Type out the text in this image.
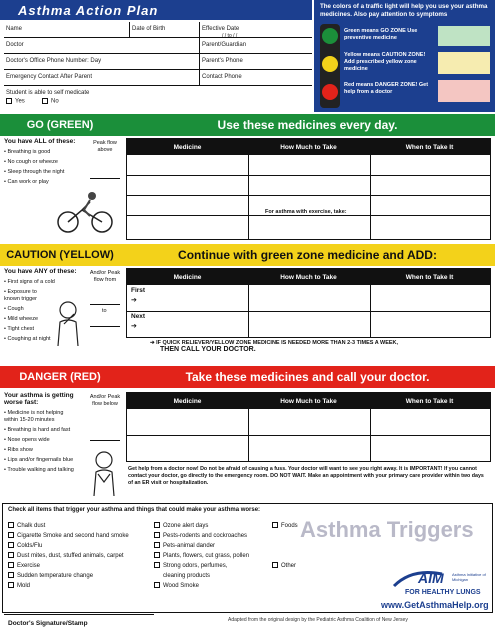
Asthma Action Plan
Name	Date of Birth	Effective Date
/ / to / /
Doctor	Parent/Guardian
Doctor's Office Phone Number: Day	Parent's Phone
Emergency Contact After Parent	Contact Phone
Student is able to self medicate
Yes	No
The colors of a traffic light will help you use your asthma medicines. Also pay attention to symptoms
Green means GO ZONE Use preventive medicine
Yellow means CAUTION ZONE! Add prescribed yellow zone medicine
Red means DANGER ZONE! Get help from a doctor
GO (GREEN)	Use these medicines every day.
You have ALL of these:
• Breathing is good
• No cough or wheeze
• Sleep through the night
• Can work or play
Peak flow above	Medicine	How Much to Take	When to Take It
For asthma with exercise, take:
CAUTION (YELLOW)	Continue with green zone medicine and ADD:
You have ANY of these:
• First signs of a cold
• Exposure to known trigger
• Cough
• Mild wheeze
• Tight chest
• Coughing at night
And/or Peak flow from
to
Medicine	How Much to Take	When to Take It
First
➔
Next
➔
➔ IF QUICK RELIEVER/YELLOW ZONE MEDICINE IS NEEDED MORE THAN 2-3 TIMES A WEEK,
THEN CALL YOUR DOCTOR.
DANGER (RED)	Take these medicines and call your doctor.
Your asthma is getting worse fast:
• Medicine is not helping within 15-20 minutes
• Breathing is hard and fast
• Nose opens wide
• Ribs show
• Lips and/or fingernails blue
• Trouble walking and talking
And/or Peak flow below	Medicine	How Much to Take	When to Take It
Get help from a doctor now! Do not be afraid of causing a fuss. Your doctor will want to see you right away. It is IMPORTANT! If you cannot contact your doctor, go directly to the emergency room. DO NOT WAIT. Make an appointment with your primary care provider within two days of an ER visit or hospitalization.
Check all items that trigger your asthma and things that could make your asthma worse:
Asthma Triggers
Chalk dust
Cigarette Smoke and second hand smoke
Colds/Flu
Dust mites, dust, stuffed animals, carpet
Exercise
Sudden temperature change
Mold
Ozone alert days
Pests-rodents and cockroaches
Pets-animal dander
Plants, flowers, cut grass, pollen
Strong odors, perfumes,
cleaning products
Wood Smoke
Foods
Other
Doctor's Signature/Stamp
AIM Asthma Initiative of Michigan
FOR HEALTHY LUNGS
www.GetAsthmaHelp.org
Adapted from the original design by the Pediatric Asthma Coalition of New Jersey
